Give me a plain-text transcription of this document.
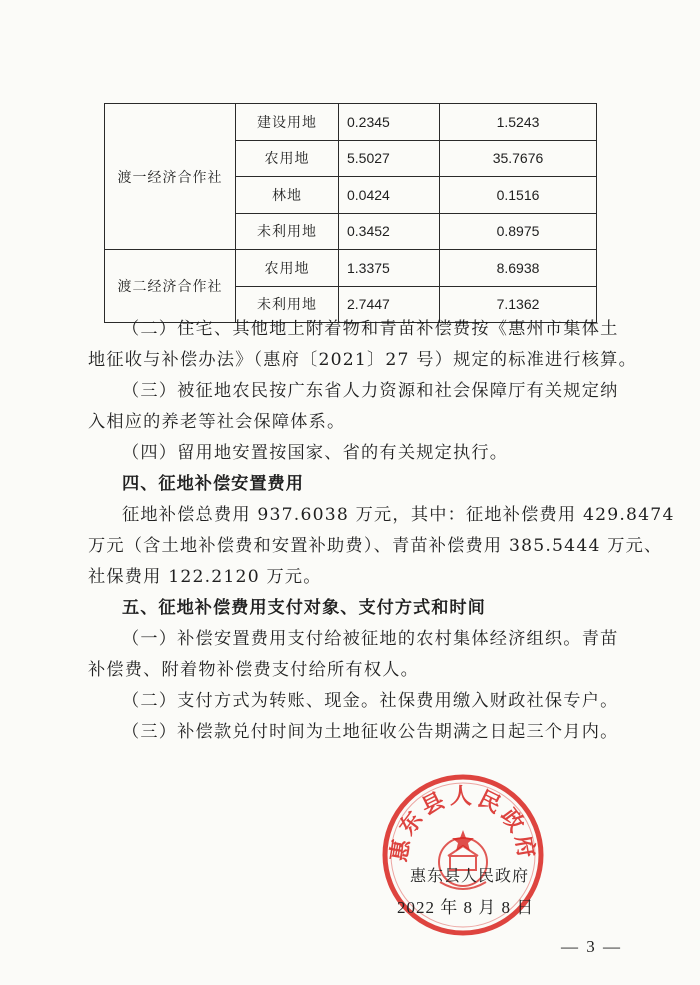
渡一经济合作社	建设用地	0.2345	1.5243
	农用地	5.5027	35.7676
	林地	0.0424	0.1516
	未利用地	0.3452	0.8975
渡二经济合作社	农用地	1.3375	8.6938
	未利用地	2.7447	7.1362

（二）住宅、其他地上附着物和青苗补偿费按《惠州市集体土

地征收与补偿办法》（惠府〔2021〕27 号）规定的标准进行核算。

（三）被征地农民按广东省人力资源和社会保障厅有关规定纳

入相应的养老等社会保障体系。

（四）留用地安置按国家、省的有关规定执行。

四、征地补偿安置费用

征地补偿总费用 937.6038 万元，其中：征地补偿费用 429.8474

万元（含土地补偿费和安置补助费）、青苗补偿费用 385.5444 万元、

社保费用 122.2120 万元。

五、征地补偿费用支付对象、支付方式和时间

（一）补偿安置费用支付给被征地的农村集体经济组织。青苗

补偿费、附着物补偿费支付给所有权人。

（二）支付方式为转账、现金。社保费用缴入财政社保专户。

（三）补偿款兑付时间为土地征收公告期满之日起三个月内。

惠东县人民政府
惠东县人民政府
2022 年 8 月 8 日
— 3 —
